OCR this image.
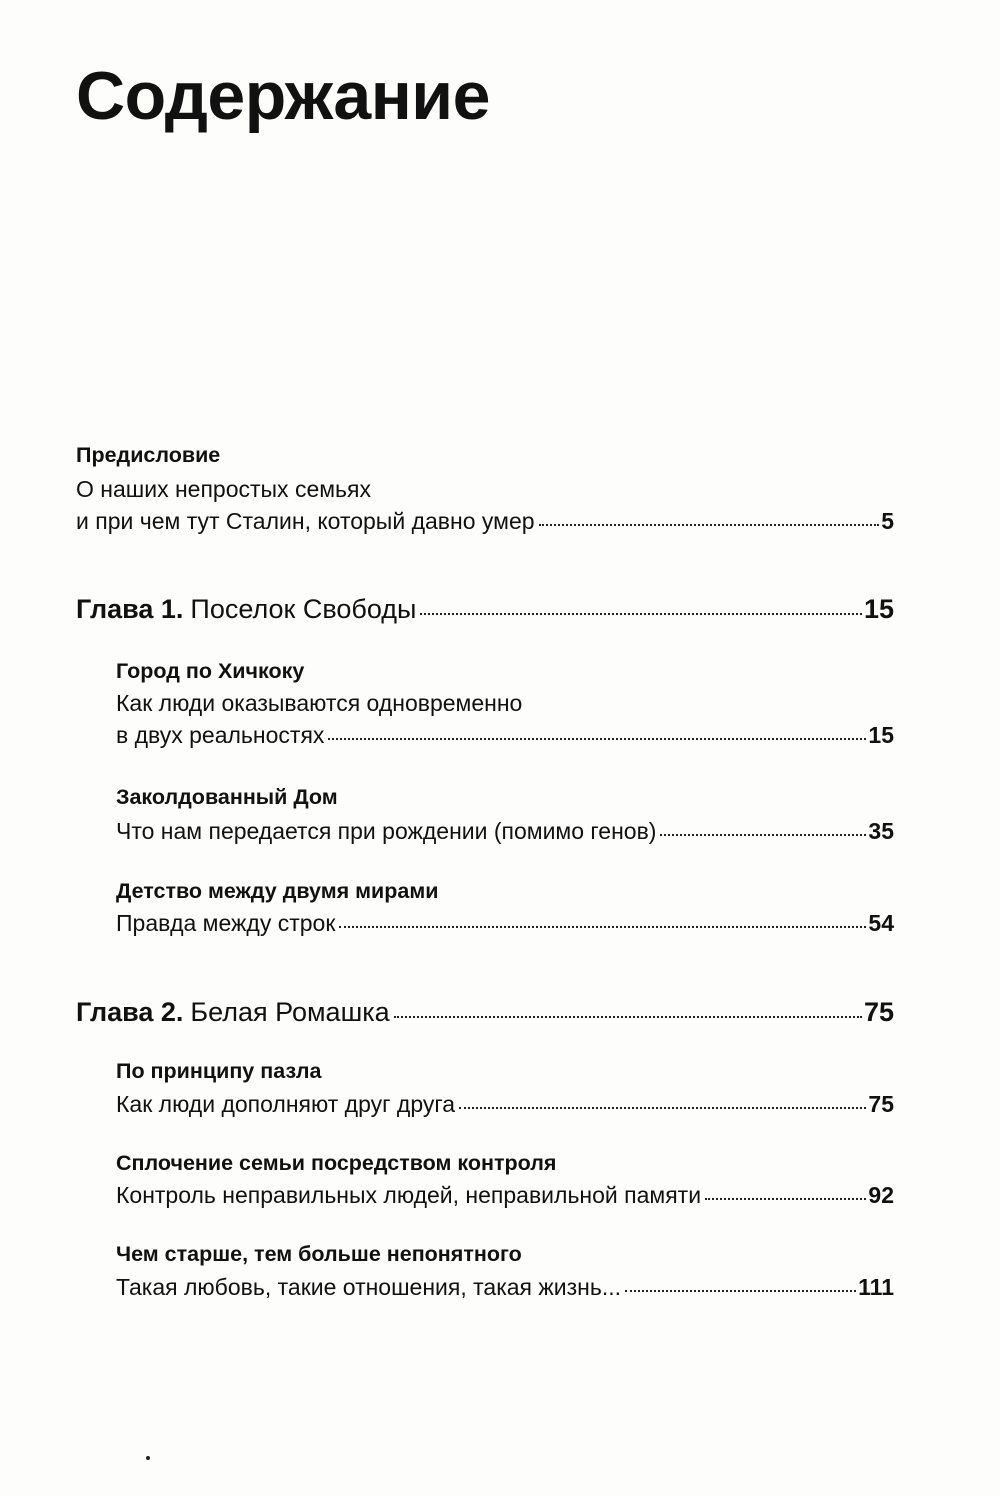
Содержание
Предисловие
О наших непростых семьях
и при чем тут Сталин, который давно умер	5
Глава 1. Поселок Свободы	15
Город по Хичкоку
Как люди оказываются одновременно
в двух реальностях	15
Заколдованный Дом
Что нам передается при рождении (помимо генов)	35
Детство между двумя мирами
Правда между строк	54
Глава 2. Белая Ромашка	75
По принципу пазла
Как люди дополняют друг друга	75
Сплочение семьи посредством контроля
Контроль неправильных людей, неправильной памяти	92
Чем старше, тем больше непонятного
Такая любовь, такие отношения, такая жизнь...	111
